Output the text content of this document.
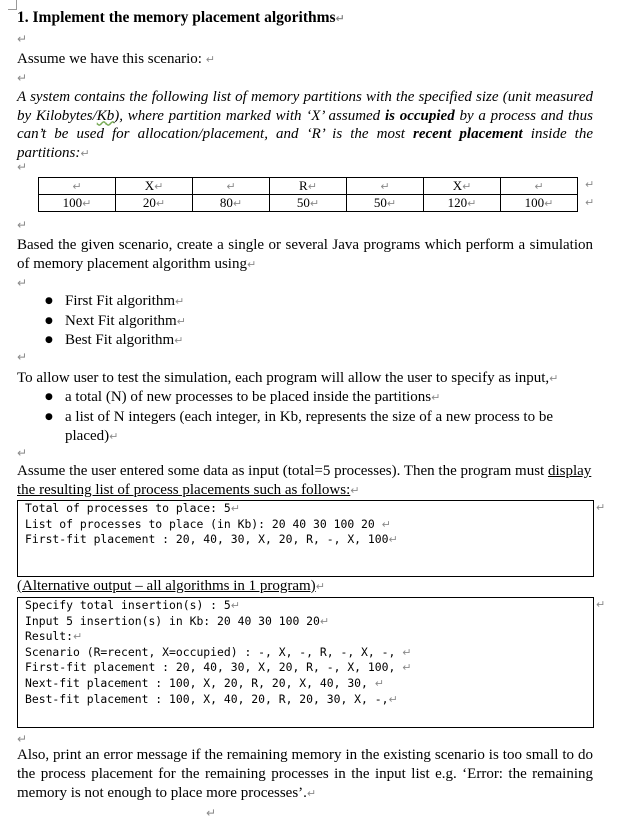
1. Implement the memory placement algorithms↵
↵
Assume we have this scenario: ↵
↵
A system contains the following list of memory partitions with the specified size (unit measured by Kilobytes/Kb), where partition marked with ‘X’ assumed is occupied by a process and thus can’t be used for allocation/placement, and ‘R’ is the most recent placement inside the partitions:↵
↵
↵	X↵	↵	R↵	↵	X↵	↵
100↵	20↵	80↵	50↵	50↵	120↵	100↵
↵
↵
↵
Based the given scenario, create a single or several Java programs which perform a simulation of memory placement algorithm using↵
↵
● First Fit algorithm↵
● Next Fit algorithm↵
● Best Fit algorithm↵
↵
To allow user to test the simulation, each program will allow the user to specify as input,↵
● a total (N) of new processes to be placed inside the partitions↵
● a list of N integers (each integer, in Kb, represents the size of a new process to be placed)↵
↵
Assume the user entered some data as input (total=5 processes). Then the program must display the resulting list of process placements such as follows:↵
Total of processes to place: 5↵
List of processes to place (in Kb): 20 40 30 100 20 ↵
First-fit placement : 20, 40, 30, X, 20, R, -, X, 100↵
↵
(Alternative output – all algorithms in 1 program)↵
Specify total insertion(s) : 5↵
Input 5 insertion(s) in Kb: 20 40 30 100 20↵
Result:↵
Scenario (R=recent, X=occupied) : -, X, -, R, -, X, -, ↵
First-fit placement : 20, 40, 30, X, 20, R, -, X, 100, ↵
Next-fit placement : 100, X, 20, R, 20, X, 40, 30, ↵
Best-fit placement : 100, X, 40, 20, R, 20, 30, X, -,↵
↵
↵
Also, print an error message if the remaining memory in the existing scenario is too small to do the process placement for the remaining processes in the input list e.g. ‘Error: the remaining memory is not enough to place more processes’.↵
↵
